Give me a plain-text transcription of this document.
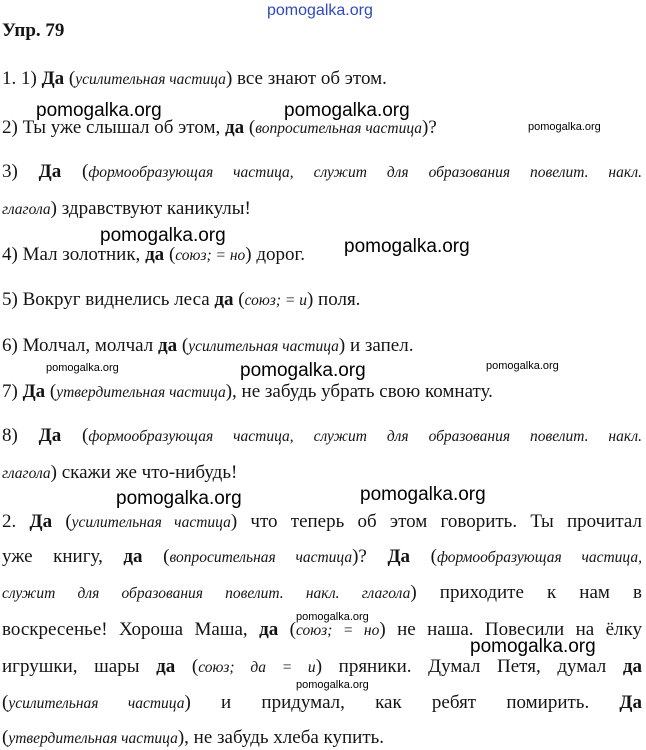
pomogalka.org
pomogalka.org	pomogalka.org
pomogalka.org
pomogalka.org
pomogalka.org
pomogalka.org	pomogalka.org	pomogalka.org
pomogalka.org	pomogalka.org
pomogalka.org
pomogalka.org
pomogalka.org
Упр. 79
1. 1) Да (усилительная частица) все знают об этом.
2) Ты уже слышал об этом, да (вопросительная частица)?
3) Да (формообразующая частица, служит для образования повелит. накл.
глагола) здравствуют каникулы!
4) Мал золотник, да (союз; = но) дорог.
5) Вокруг виднелись леса да (союз; = и) поля.
6) Молчал, молчал да (усилительная частица) и запел.
7) Да (утвердительная частица), не забудь убрать свою комнату.
8) Да (формообразующая частица, служит для образования повелит. накл.
глагола) скажи же что-нибудь!
2. Да (усилительная частица) что теперь об этом говорить. Ты прочитал
уже книгу, да (вопросительная частица)? Да (формообразующая частица,
служит для образования повелит. накл. глагола) приходите к нам в
воскресенье! Хороша Маша, да (союз; = но) не наша. Повесили на ёлку
игрушки, шары да (союз; да = и) пряники. Думал Петя, думал да
(усилительная частица) и придумал, как ребят помирить. Да
(утвердительная частица), не забудь хлеба купить.
